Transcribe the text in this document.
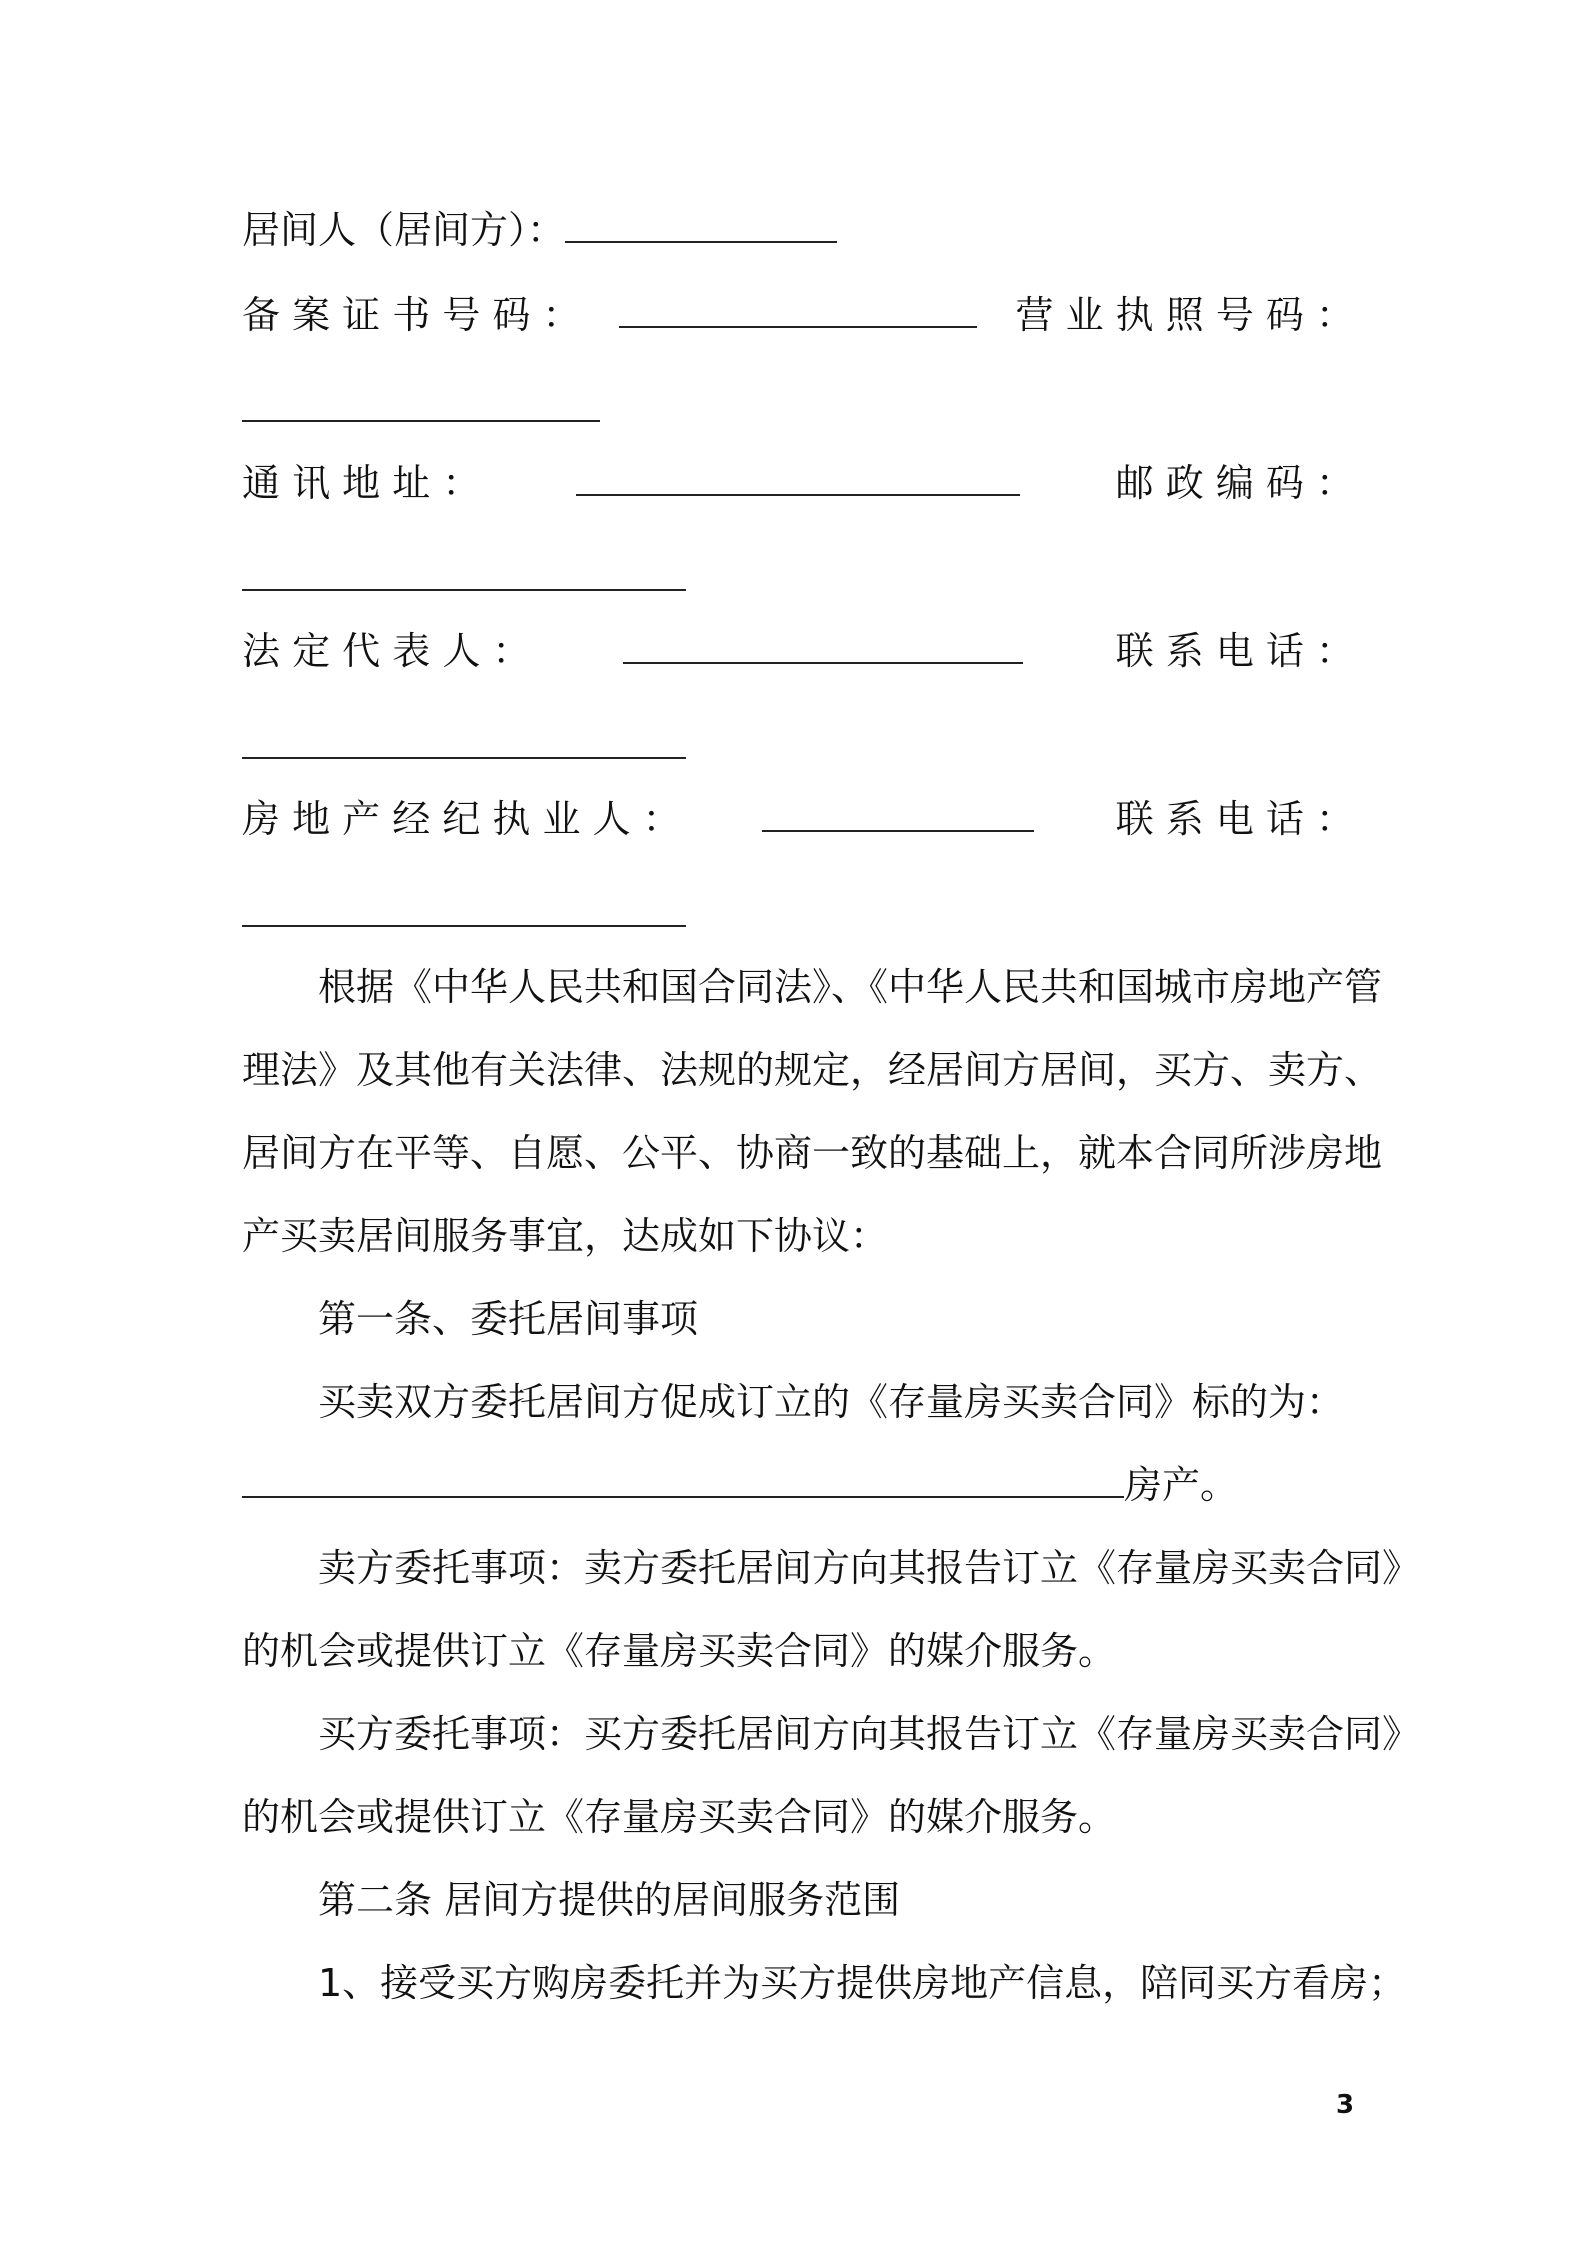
居间人（居间方）：
备 案 证 书 号 码 ：	营 业 执 照 号 码 ：
通 讯 地 址 ：	邮 政 编 码 ：
法 定 代 表 人 ：	联 系 电 话 ：
房 地 产 经 纪 执 业 人 ：	联 系 电 话 ：
根据《中华人民共和国合同法》、《中华人民共和国城市房地产管
理法》及其他有关法律、法规的规定，经居间方居间，买方、卖方、
居间方在平等、自愿、公平、协商一致的基础上，就本合同所涉房地
产买卖居间服务事宜，达成如下协议：
第一条、委托居间事项
买卖双方委托居间方促成订立的《存量房买卖合同》标的为：
房产。
卖方委托事项：卖方委托居间方向其报告订立《存量房买卖合同》
的机会或提供订立《存量房买卖合同》的媒介服务。
买方委托事项：买方委托居间方向其报告订立《存量房买卖合同》
的机会或提供订立《存量房买卖合同》的媒介服务。
第二条 居间方提供的居间服务范围
1、接受买方购房委托并为买方提供房地产信息，陪同买方看房；
3
